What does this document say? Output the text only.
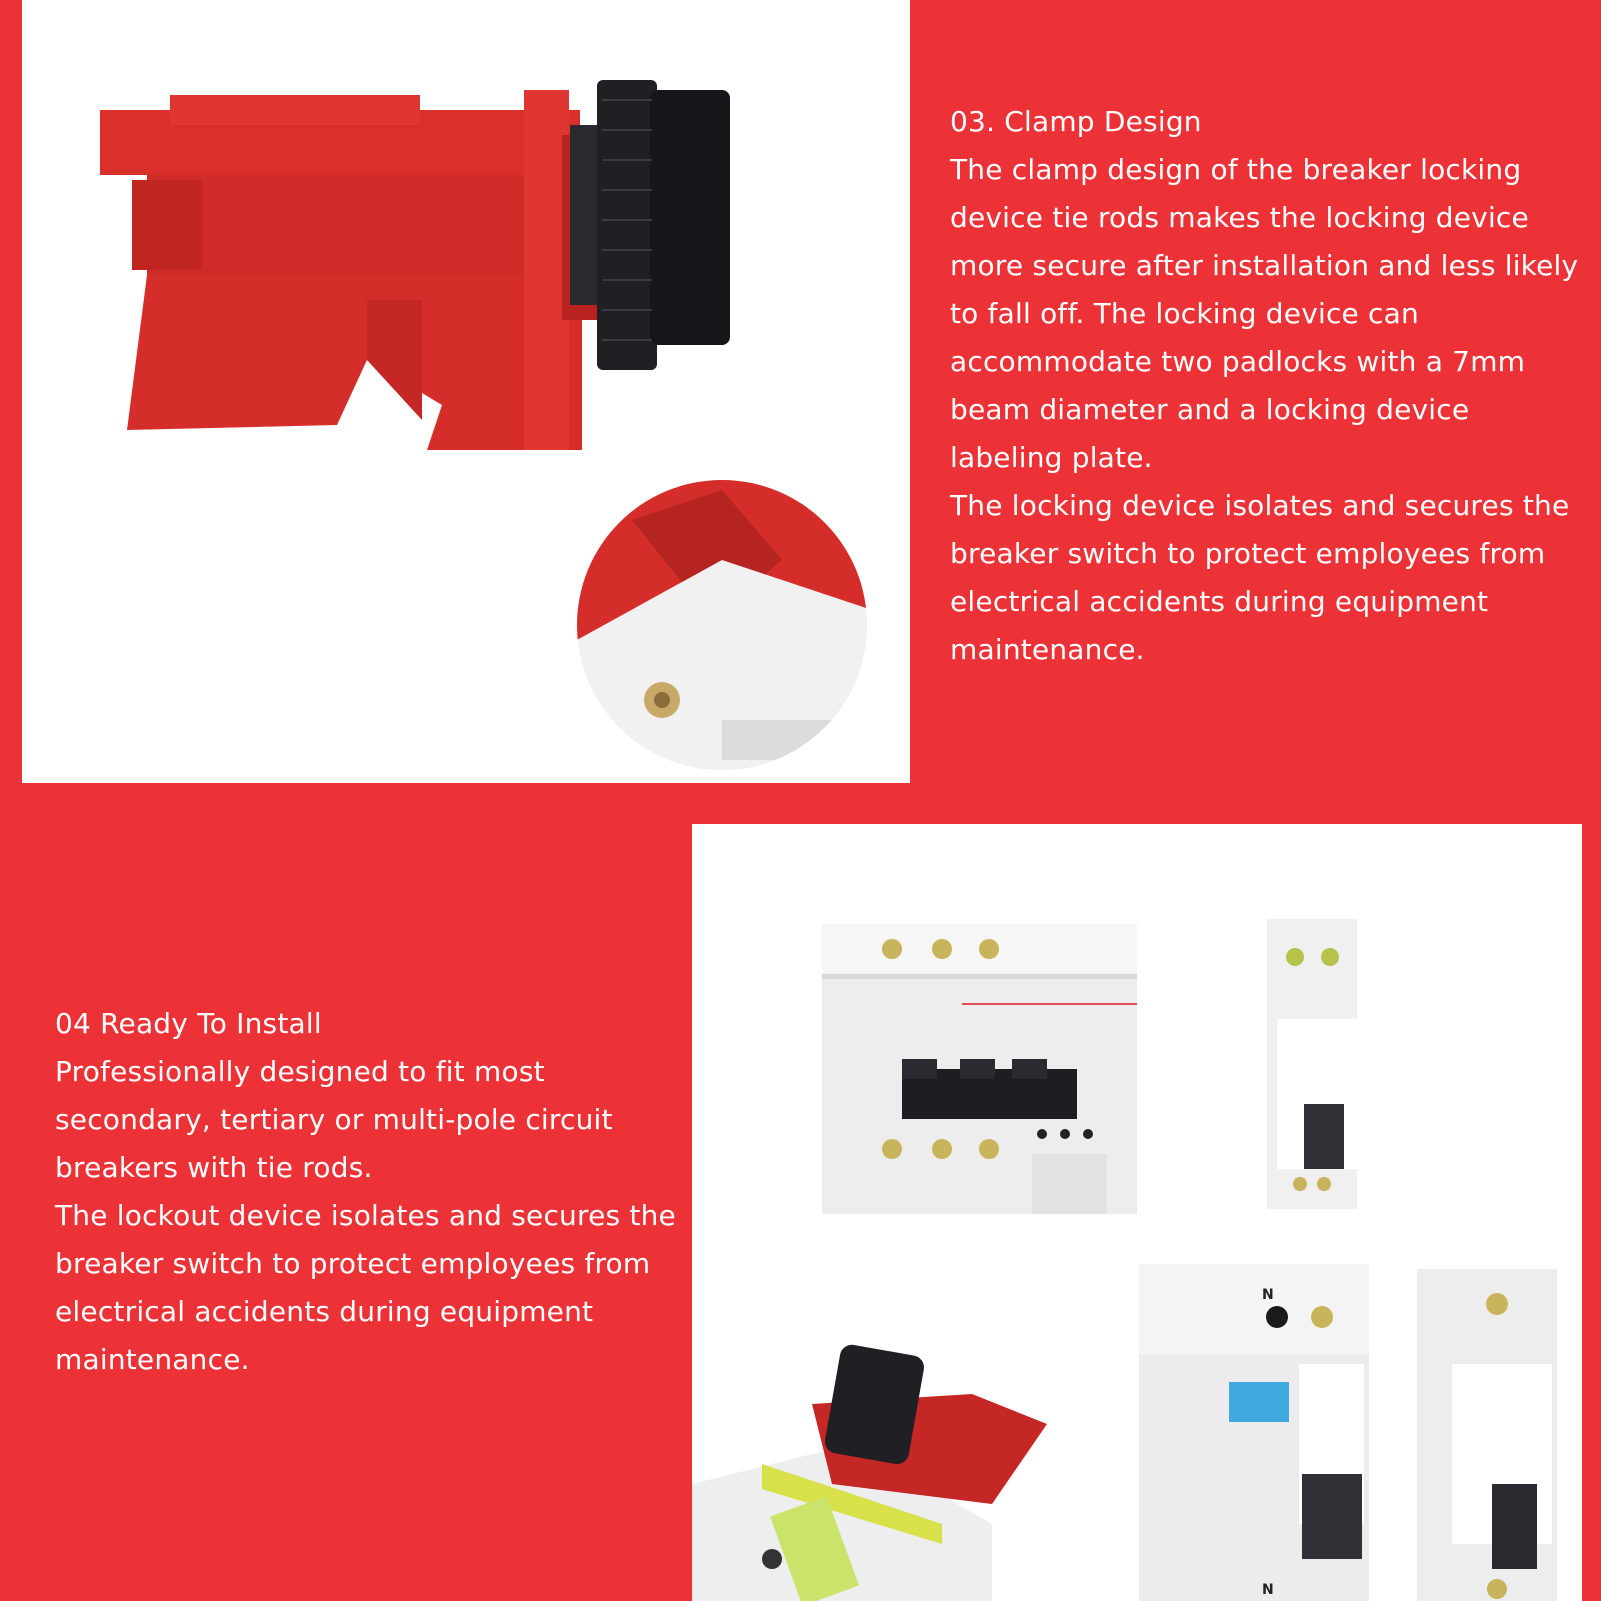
03. Clamp Design

The clamp design of the breaker locking device tie rods makes the locking device more secure after installation and less likely to fall off. The locking device can accommodate two padlocks with a 7mm beam diameter and a locking device labeling plate.

The locking device isolates and secures the breaker switch to protect employees from electrical accidents during equipment maintenance.

04 Ready To Install

Professionally designed to fit most secondary, tertiary or multi-pole circuit breakers with tie rods.

The lockout device isolates and secures the breaker switch to protect employees from electrical accidents during equipment maintenance.

N
N
